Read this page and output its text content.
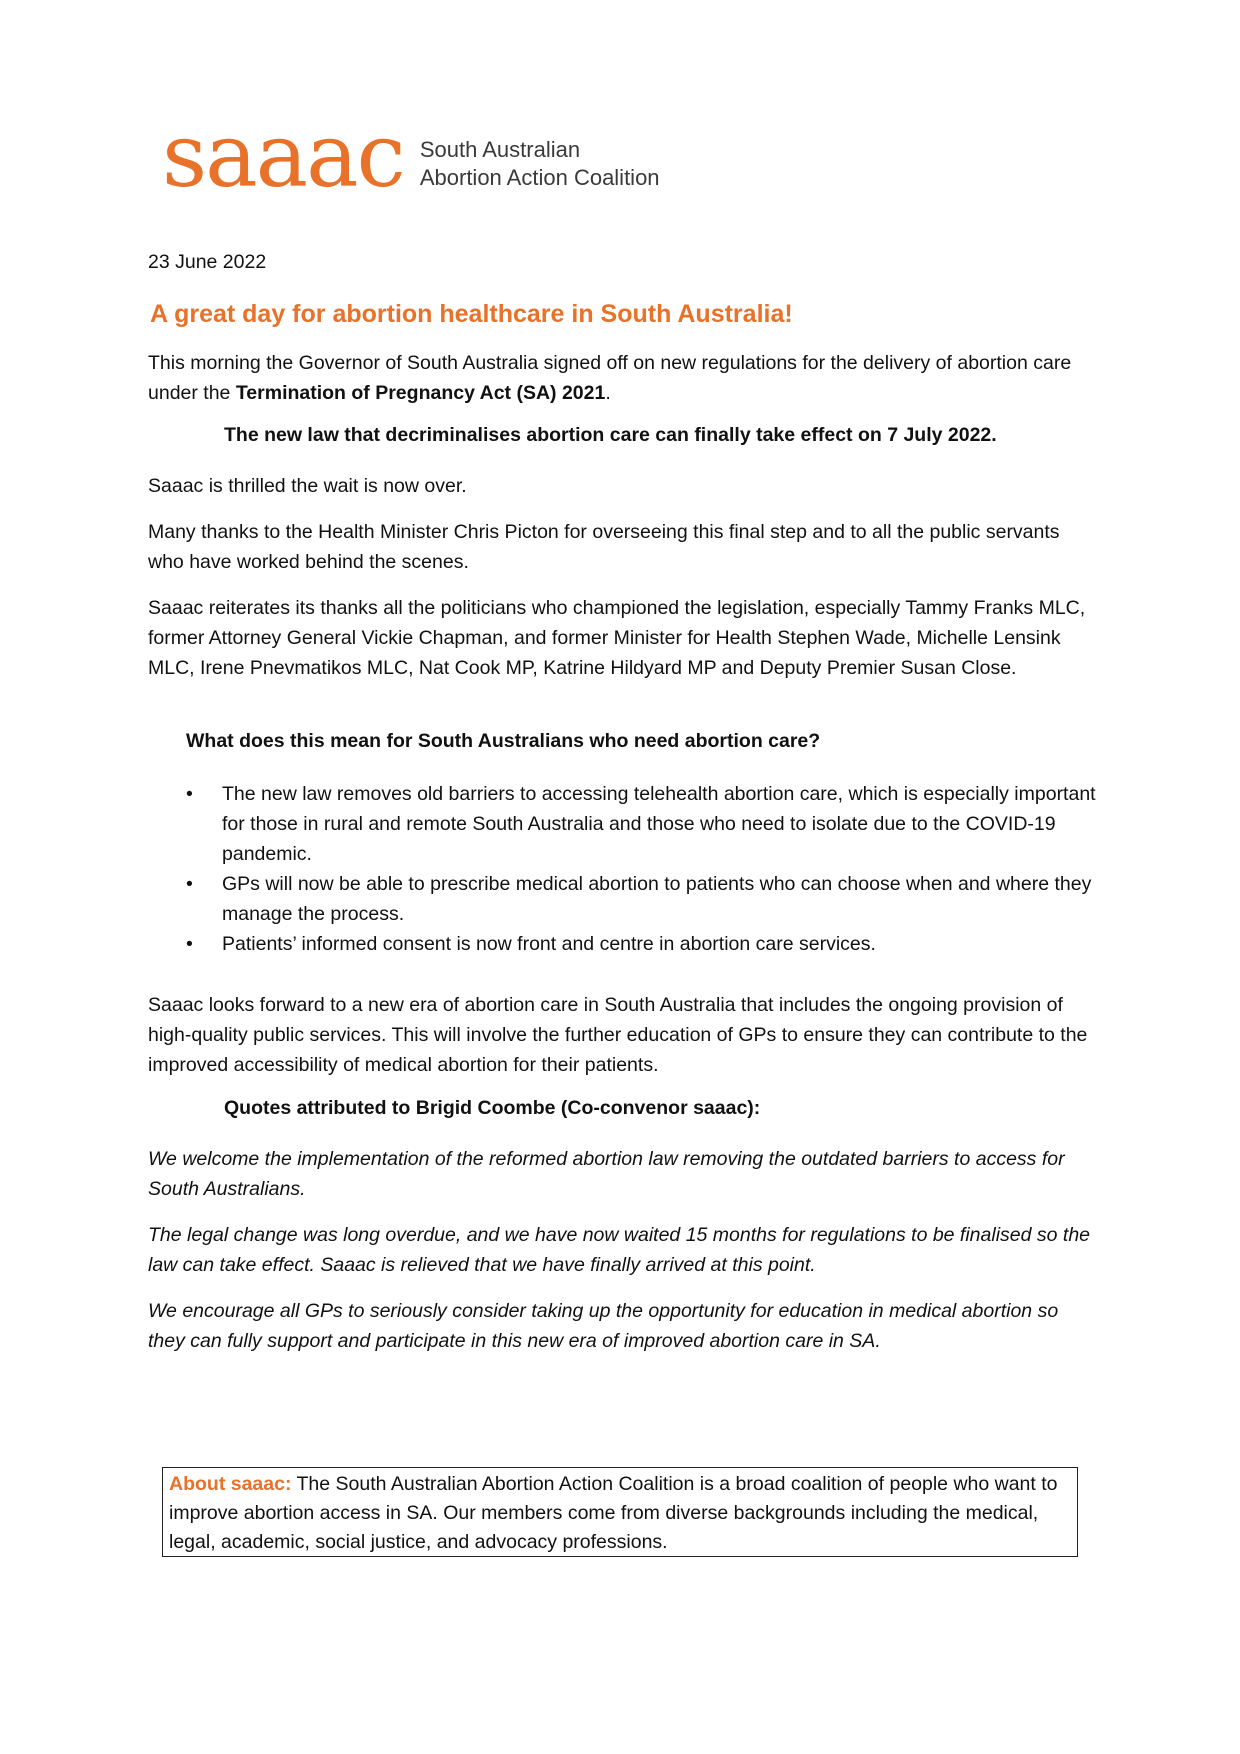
saaac South Australian
Abortion Action Coalition
23 June 2022
A great day for abortion healthcare in South Australia!
This morning the Governor of South Australia signed off on new regulations for the delivery of abortion care under the Termination of Pregnancy Act (SA) 2021.
The new law that decriminalises abortion care can finally take effect on 7 July 2022.
Saaac is thrilled the wait is now over.
Many thanks to the Health Minister Chris Picton for overseeing this final step and to all the public servants who have worked behind the scenes.
Saaac reiterates its thanks all the politicians who championed the legislation, especially Tammy Franks MLC, former Attorney General Vickie Chapman, and former Minister for Health Stephen Wade, Michelle Lensink MLC, Irene Pnevmatikos MLC, Nat Cook MP, Katrine Hildyard MP and Deputy Premier Susan Close.
What does this mean for South Australians who need abortion care?
• The new law removes old barriers to accessing telehealth abortion care, which is especially important for those in rural and remote South Australia and those who need to isolate due to the COVID-19 pandemic.
• GPs will now be able to prescribe medical abortion to patients who can choose when and where they manage the process.
• Patients’ informed consent is now front and centre in abortion care services.
Saaac looks forward to a new era of abortion care in South Australia that includes the ongoing provision of high-quality public services. This will involve the further education of GPs to ensure they can contribute to the improved accessibility of medical abortion for their patients.
Quotes attributed to Brigid Coombe (Co-convenor saaac):
We welcome the implementation of the reformed abortion law removing the outdated barriers to access for South Australians.
The legal change was long overdue, and we have now waited 15 months for regulations to be finalised so the law can take effect. Saaac is relieved that we have finally arrived at this point.
We encourage all GPs to seriously consider taking up the opportunity for education in medical abortion so they can fully support and participate in this new era of improved abortion care in SA.
About saaac: The South Australian Abortion Action Coalition is a broad coalition of people who want to improve abortion access in SA. Our members come from diverse backgrounds including the medical, legal, academic, social justice, and advocacy professions.
